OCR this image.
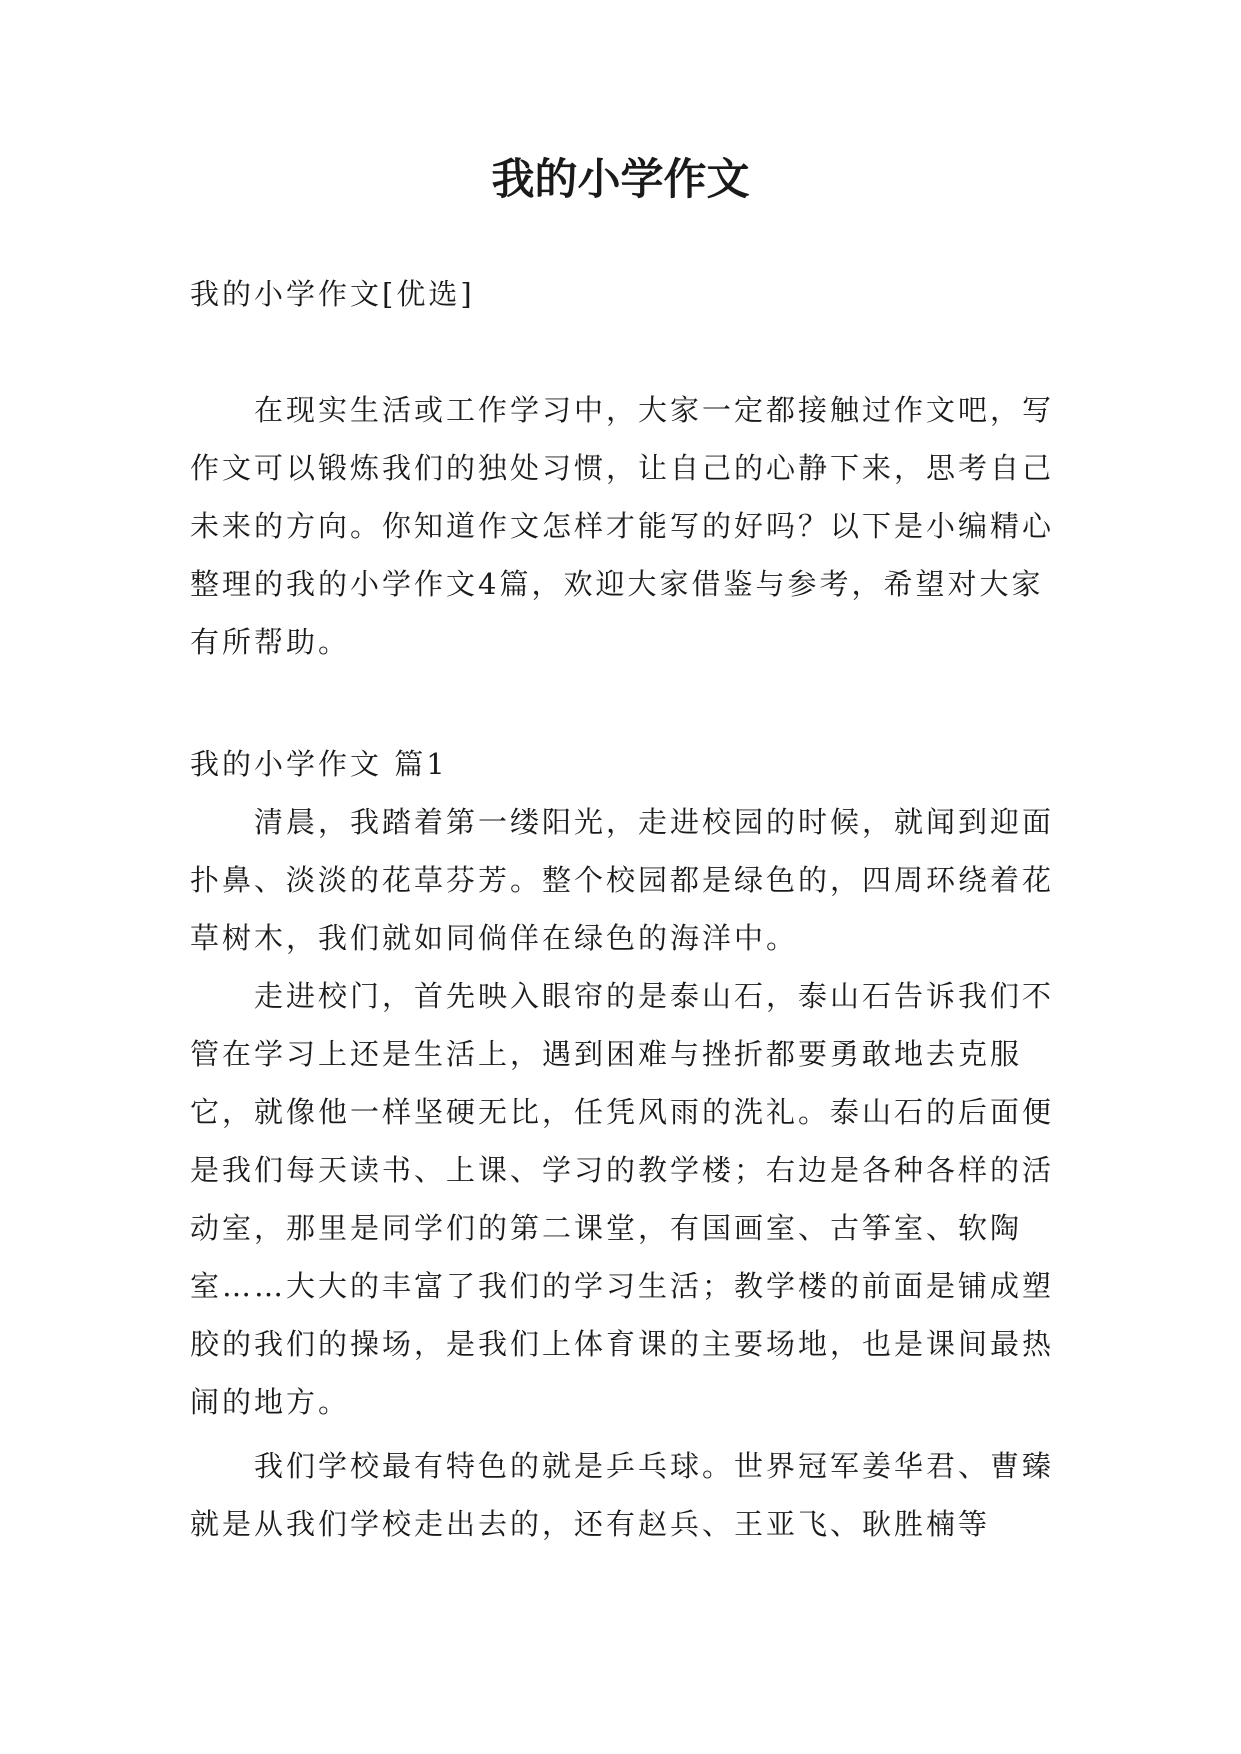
我的小学作文

我的小学作文[优选]

在现实生活或工作学习中，大家一定都接触过作文吧，写作文可以锻炼我们的独处习惯，让自己的心静下来，思考自己未来的方向。你知道作文怎样才能写的好吗？以下是小编精心整理的我的小学作文4篇，欢迎大家借鉴与参考，希望对大家有所帮助。

我的小学作文 篇1

清晨，我踏着第一缕阳光，走进校园的时候，就闻到迎面扑鼻、淡淡的花草芬芳。整个校园都是绿色的，四周环绕着花草树木，我们就如同倘佯在绿色的海洋中。

走进校门，首先映入眼帘的是泰山石，泰山石告诉我们不管在学习上还是生活上，遇到困难与挫折都要勇敢地去克服它，就像他一样坚硬无比，任凭风雨的洗礼。泰山石的后面便是我们每天读书、上课、学习的教学楼；右边是各种各样的活动室，那里是同学们的第二课堂，有国画室、古筝室、软陶室……大大的丰富了我们的学习生活；教学楼的前面是铺成塑胶的我们的操场，是我们上体育课的主要场地，也是课间最热闹的地方。

我们学校最有特色的就是乒乓球。世界冠军姜华君、曹臻就是从我们学校走出去的，还有赵兵、王亚飞、耿胜楠等
